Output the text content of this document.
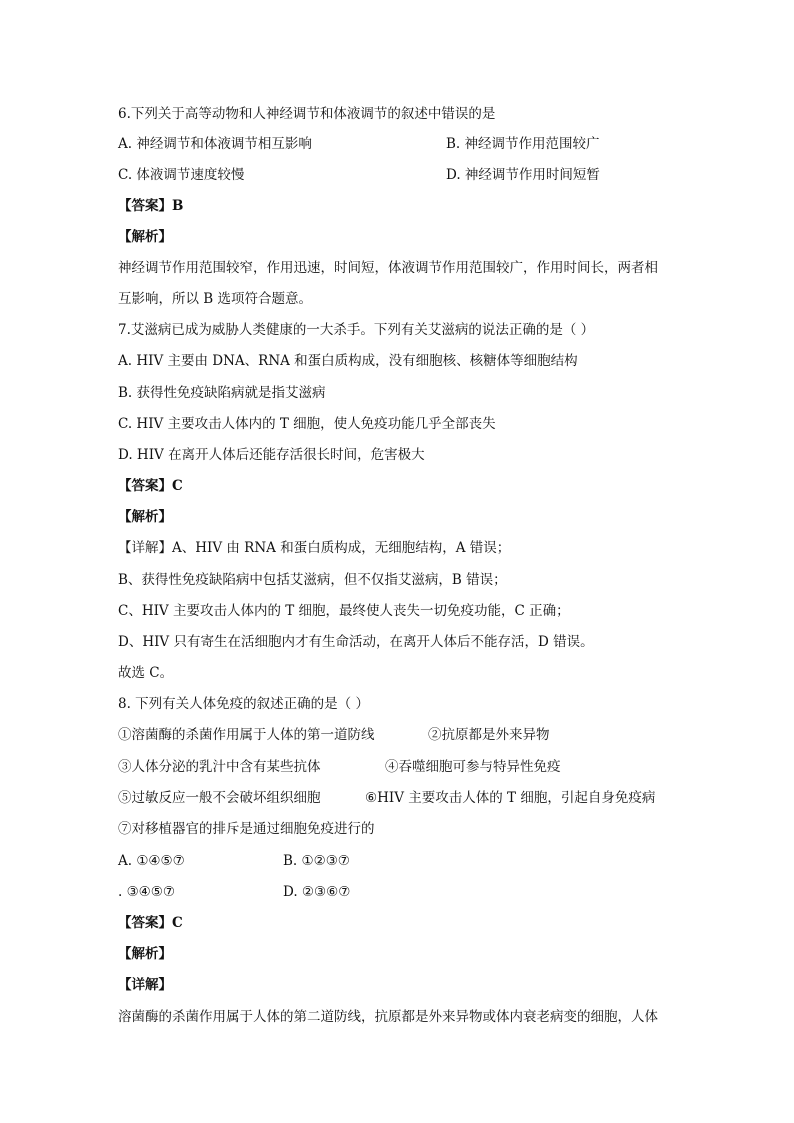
6.下列关于高等动物和人神经调节和体液调节的叙述中错误的是
A. 神经调节和体液调节相互影响	B. 神经调节作用范围较广
C. 体液调节速度较慢	D. 神经调节作用时间短暂
【答案】B
【解析】
神经调节作用范围较窄，作用迅速，时间短，体液调节作用范围较广，作用时间长，两者相
互影响，所以 B 选项符合题意。
7.艾滋病已成为威胁人类健康的一大杀手。下列有关艾滋病的说法正确的是（ ）
A. HIV 主要由 DNA、RNA 和蛋白质构成，没有细胞核、核糖体等细胞结构
B. 获得性免疫缺陷病就是指艾滋病
C. HIV 主要攻击人体内的 T 细胞，使人免疫功能几乎全部丧失
D. HIV 在离开人体后还能存活很长时间，危害极大
【答案】C
【解析】
【详解】A、HIV 由 RNA 和蛋白质构成，无细胞结构，A 错误；
B、获得性免疫缺陷病中包括艾滋病，但不仅指艾滋病，B 错误；
C、HIV 主要攻击人体内的 T 细胞，最终使人丧失一切免疫功能，C 正确；
D、HIV 只有寄生在活细胞内才有生命活动，在离开人体后不能存活，D 错误。
故选 C。
8. 下列有关人体免疫的叙述正确的是（ ）
①溶菌酶的杀菌作用属于人体的第一道防线	②抗原都是外来异物
③人体分泌的乳汁中含有某些抗体	④吞噬细胞可参与特异性免疫
⑤过敏反应一般不会破坏组织细胞	⑥HIV 主要攻击人体的 T 细胞，引起自身免疫病
⑦对移植器官的排斥是通过细胞免疫进行的
A. ①④⑤⑦	B. ①②③⑦
. ③④⑤⑦	D. ②③⑥⑦
【答案】C
【解析】
【详解】
溶菌酶的杀菌作用属于人体的第二道防线，抗原都是外来异物或体内衰老病变的细胞，人体
